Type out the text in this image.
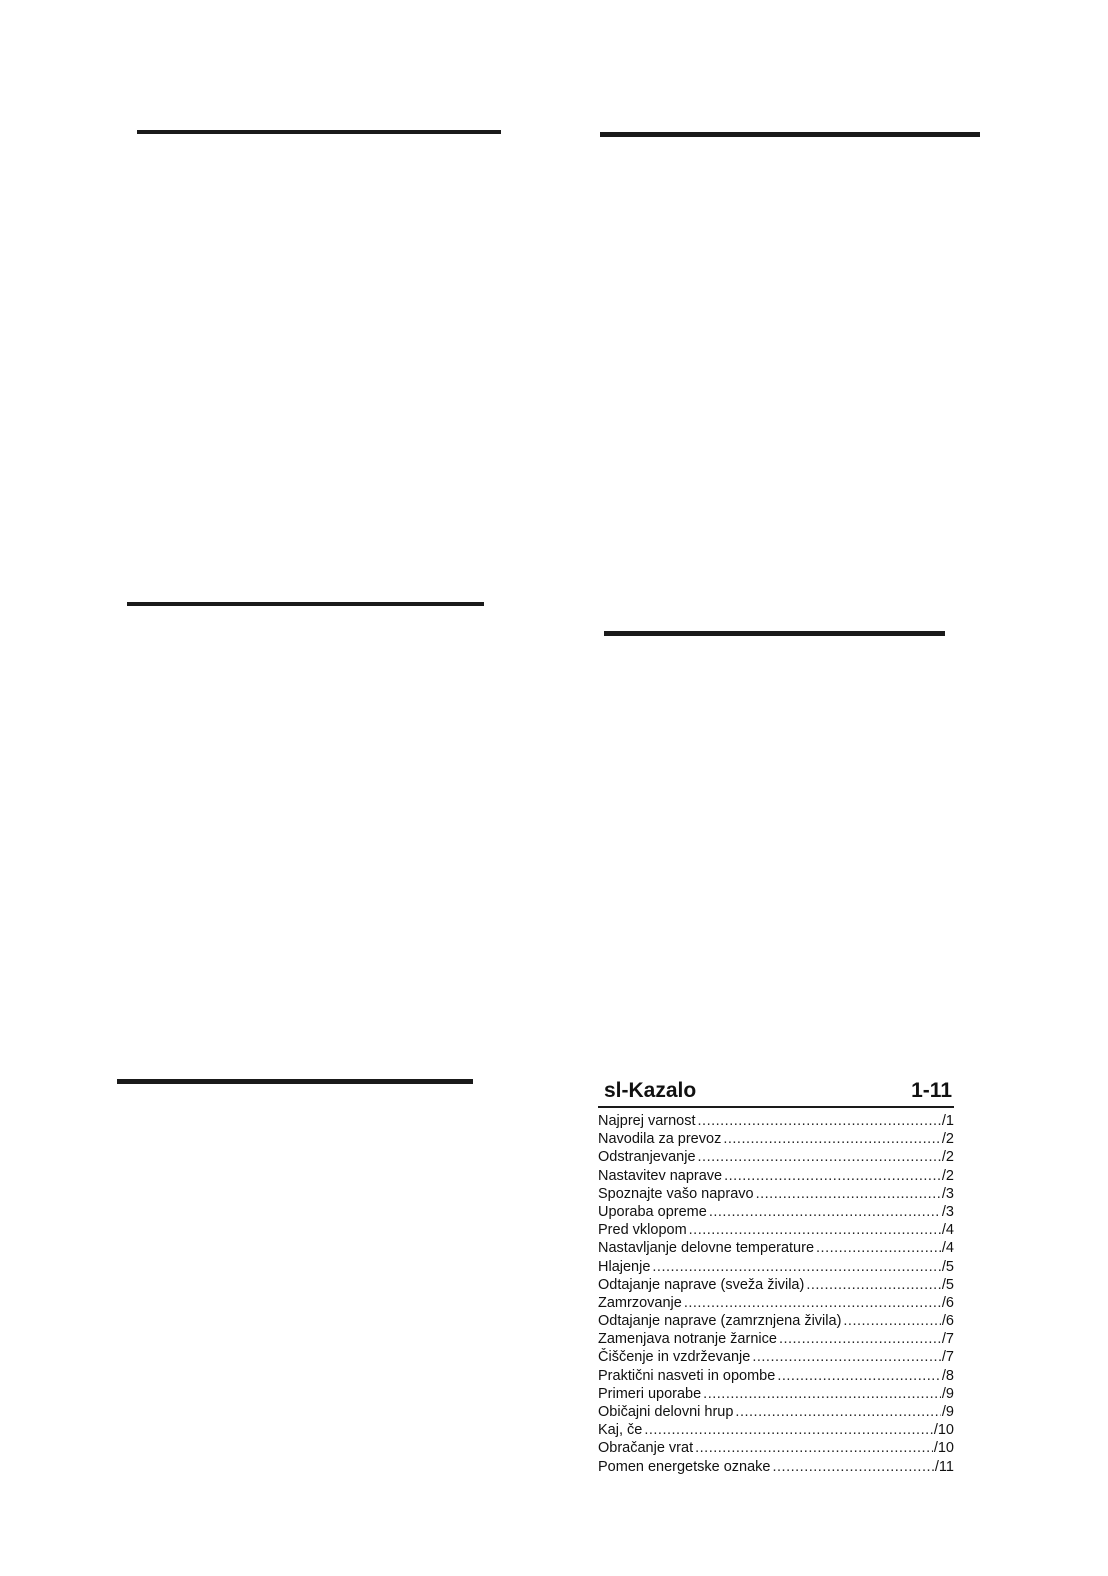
sl-Kazalo	1-11
Najprej varnost .....	/1
Navodila za prevoz .....	/2
Odstranjevanje .....	/2
Nastavitev naprave .....	/2
Spoznajte vašo napravo .....	/3
Uporaba opreme .....	/3
Pred vklopom .....	/4
Nastavljanje delovne temperature .....	/4
Hlajenje .....	/5
Odtajanje naprave (sveža živila) .....	/5
Zamrzovanje .....	/6
Odtajanje naprave (zamrznjena živila) .....	/6
Zamenjava notranje žarnice .....	/7
Čiščenje in vzdrževanje .....	/7
Praktični nasveti in opombe .....	/8
Primeri uporabe .....	/9
Običajni delovni hrup .....	/9
Kaj, če .....	/10
Obračanje vrat .....	/10
Pomen energetske oznake .....	/11
